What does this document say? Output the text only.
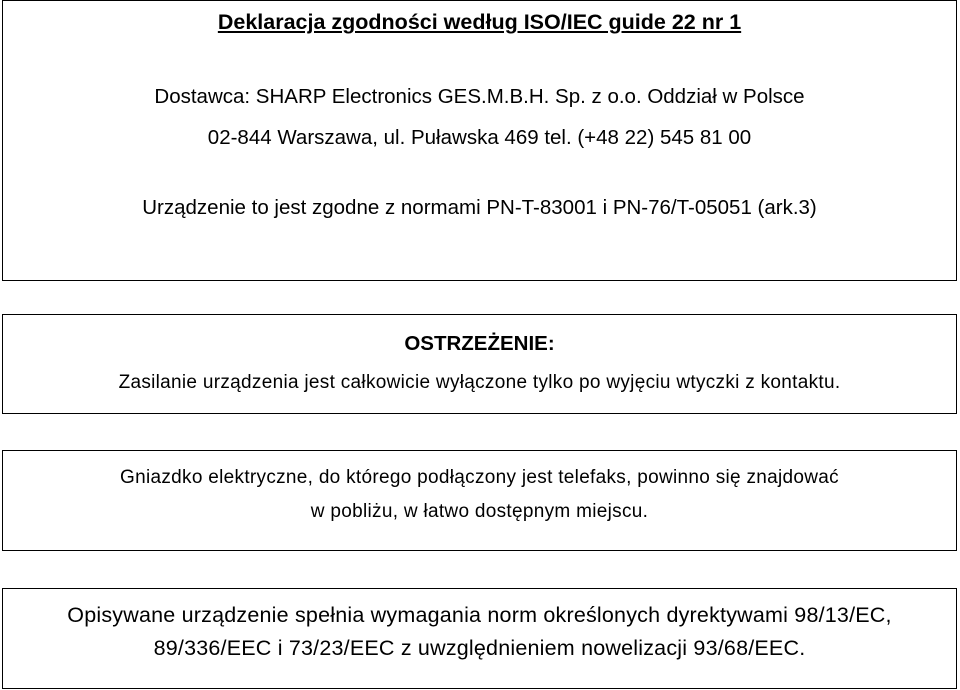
Deklaracja zgodności według ISO/IEC guide 22 nr 1
Dostawca: SHARP Electronics GES.M.B.H. Sp. z o.o. Oddział w Polsce
02-844 Warszawa, ul. Puławska 469 tel. (+48 22) 545 81 00
Urządzenie to jest zgodne z normami PN-T-83001 i PN-76/T-05051 (ark.3)
OSTRZEŻENIE:
Zasilanie urządzenia jest całkowicie wyłączone tylko po wyjęciu wtyczki z kontaktu.
Gniazdko elektryczne, do którego podłączony jest telefaks, powinno się znajdować
w pobliżu, w łatwo dostępnym miejscu.
Opisywane urządzenie spełnia wymagania norm określonych dyrektywami 98/13/EC,
89/336/EEC i 73/23/EEC z uwzględnieniem nowelizacji 93/68/EEC.
